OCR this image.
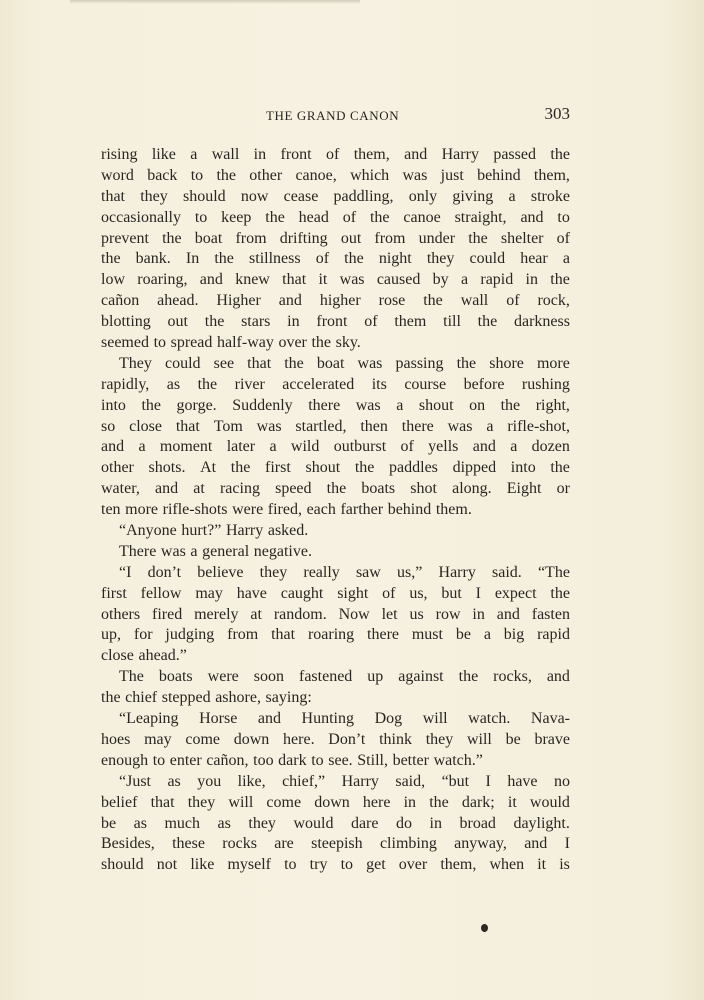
THE GRAND CANON	303
rising like a wall in front of them, and Harry passed the
word back to the other canoe, which was just behind them,
that they should now cease paddling, only giving a stroke
occasionally to keep the head of the canoe straight, and to
prevent the boat from drifting out from under the shelter of
the bank. In the stillness of the night they could hear a
low roaring, and knew that it was caused by a rapid in the
cañon ahead. Higher and higher rose the wall of rock,
blotting out the stars in front of them till the darkness
seemed to spread half-way over the sky.
They could see that the boat was passing the shore more
rapidly, as the river accelerated its course before rushing
into the gorge. Suddenly there was a shout on the right,
so close that Tom was startled, then there was a rifle-shot,
and a moment later a wild outburst of yells and a dozen
other shots. At the first shout the paddles dipped into the
water, and at racing speed the boats shot along. Eight or
ten more rifle-shots were fired, each farther behind them.
“Anyone hurt?” Harry asked.
There was a general negative.
“I don’t believe they really saw us,” Harry said. “The
first fellow may have caught sight of us, but I expect the
others fired merely at random. Now let us row in and fasten
up, for judging from that roaring there must be a big rapid
close ahead.”
The boats were soon fastened up against the rocks, and
the chief stepped ashore, saying:
“Leaping Horse and Hunting Dog will watch. Nava-
hoes may come down here. Don’t think they will be brave
enough to enter cañon, too dark to see. Still, better watch.”
“Just as you like, chief,” Harry said, “but I have no
belief that they will come down here in the dark; it would
be as much as they would dare do in broad daylight.
Besides, these rocks are steepish climbing anyway, and I
should not like myself to try to get over them, when it is
